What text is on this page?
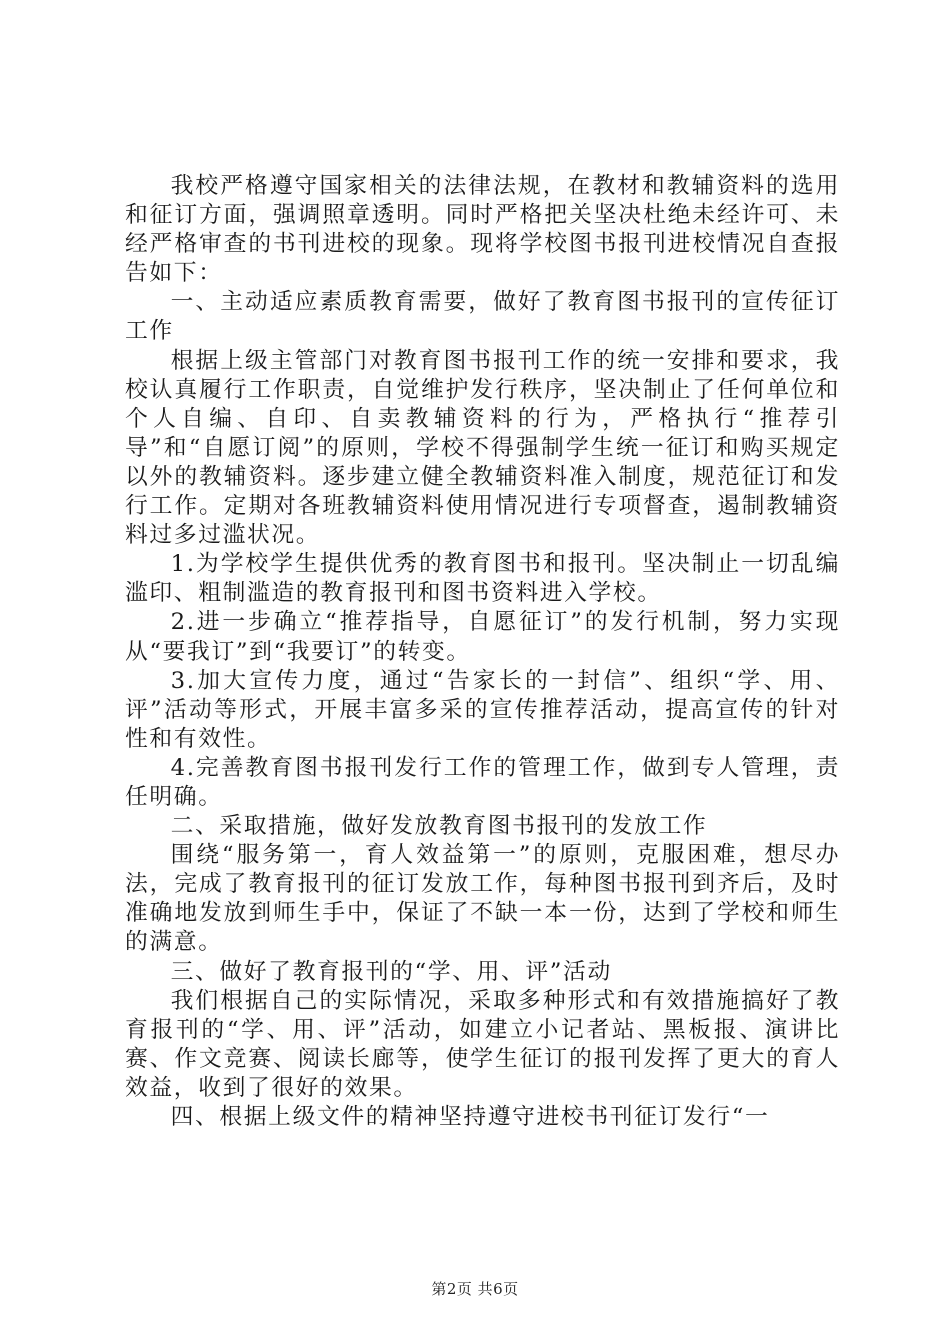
我校严格遵守国家相关的法律法规，在教材和教辅资料的选用和征订方面，强调照章透明。同时严格把关坚决杜绝未经许可、未经严格审查的书刊进校的现象。现将学校图书报刊进校情况自查报告如下：

一、主动适应素质教育需要，做好了教育图书报刊的宣传征订工作

根据上级主管部门对教育图书报刊工作的统一安排和要求，我校认真履行工作职责，自觉维护发行秩序，坚决制止了任何单位和个人自编、自印、自卖教辅资料的行为，严格执行“推荐引导”和“自愿订阅”的原则，学校不得强制学生统一征订和购买规定以外的教辅资料。逐步建立健全教辅资料准入制度，规范征订和发行工作。定期对各班教辅资料使用情况进行专项督查，遏制教辅资料过多过滥状况。

1.为学校学生提供优秀的教育图书和报刊。坚决制止一切乱编滥印、粗制滥造的教育报刊和图书资料进入学校。

2.进一步确立“推荐指导，自愿征订”的发行机制，努力实现从“要我订”到“我要订”的转变。

3.加大宣传力度，通过“告家长的一封信”、组织“学、用、评”活动等形式，开展丰富多采的宣传推荐活动，提高宣传的针对性和有效性。

4.完善教育图书报刊发行工作的管理工作，做到专人管理，责任明确。

二、采取措施，做好发放教育图书报刊的发放工作

围绕“服务第一，育人效益第一”的原则，克服困难，想尽办法，完成了教育报刊的征订发放工作，每种图书报刊到齐后，及时准确地发放到师生手中，保证了不缺一本一份，达到了学校和师生的满意。

三、做好了教育报刊的“学、用、评”活动

我们根据自己的实际情况，采取多种形式和有效措施搞好了教育报刊的“学、用、评”活动，如建立小记者站、黑板报、演讲比赛、作文竞赛、阅读长廊等，使学生征订的报刊发挥了更大的育人效益，收到了很好的效果。

四、根据上级文件的精神坚持遵守进校书刊征订发行“一

第2页 共6页
